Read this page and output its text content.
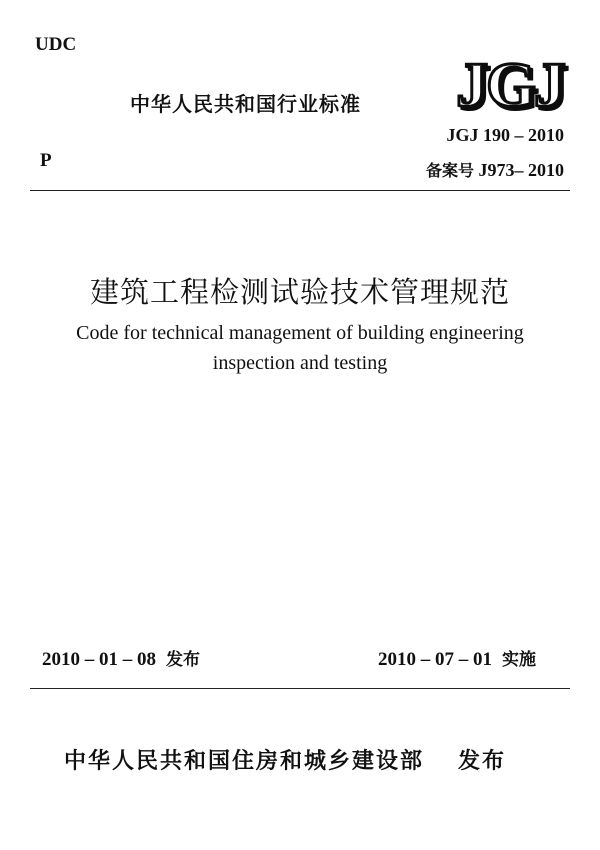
UDC
中华人民共和国行业标准 JGJ
JGJ 190 – 2010
备案号 J973– 2010
P
建筑工程检测试验技术管理规范
Code for technical management of building engineering
inspection and testing
2010 – 01 – 08 发布	2010 – 07 – 01 实施
中华人民共和国住房和城乡建设部 发布
